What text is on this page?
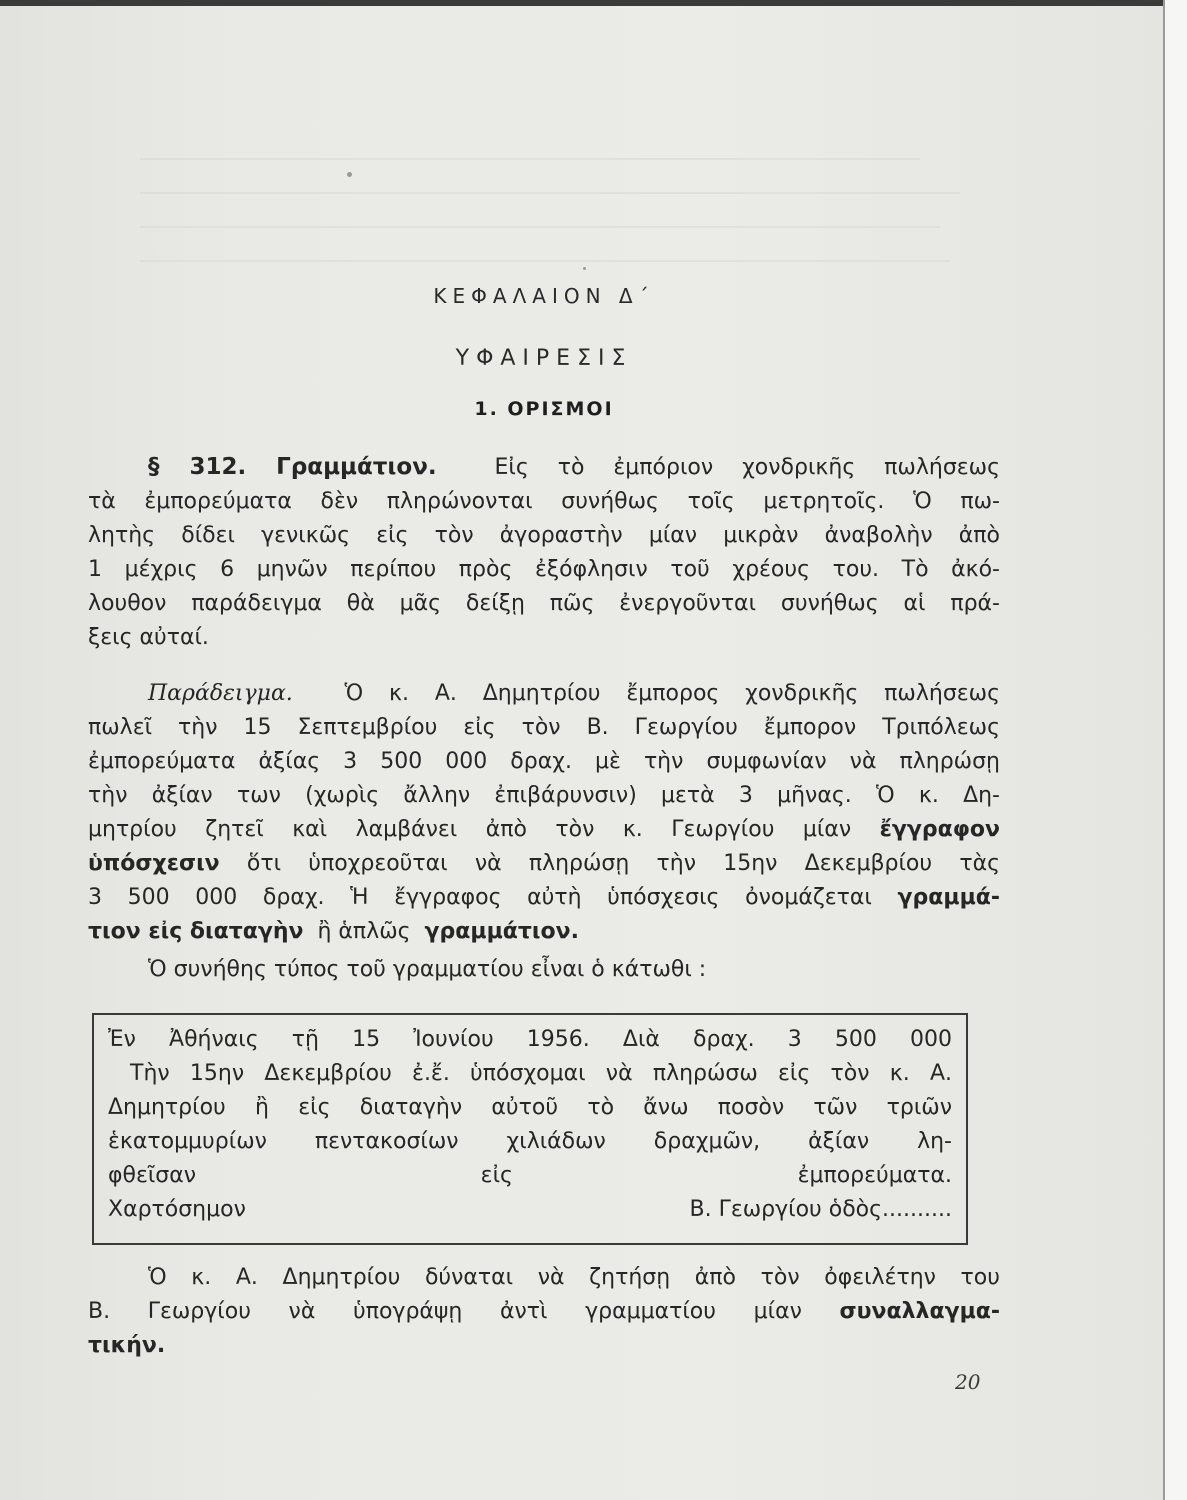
ΚΕΦΑΛΑΙΟΝ Δ΄
ΥΦΑΙΡΕΣΙΣ
1. ΟΡΙΣΜΟΙ
§ 312. Γραμμάτιον.	Εἰς τὸ ἐμπόριον χονδρικῆς πωλήσεως
τὰ ἐμπορεύματα δὲν πληρώνονται συνήθως τοῖς μετρητοῖς. Ὁ πω-
λητὴς δίδει γενικῶς εἰς τὸν ἀγοραστὴν μίαν μικρὰν ἀναβολὴν ἀπὸ
1 μέχρις 6 μηνῶν περίπου πρὸς ἐξόφλησιν τοῦ χρέους του. Τὸ ἀκό-
λουθον παράδειγμα θὰ μᾶς δείξῃ πῶς ἐνεργοῦνται συνήθως αἱ πρά-
ξεις αὐταί.
Παράδειγμα. Ὁ κ. Α. Δημητρίου ἔμπορος χονδρικῆς πωλήσεως
πωλεῖ τὴν 15 Σεπτεμβρίου εἰς τὸν Β. Γεωργίου ἔμπορον Τριπόλεως
ἐμπορεύματα ἀξίας 3 500 000 δραχ. μὲ τὴν συμφωνίαν νὰ πληρώσῃ
τὴν ἀξίαν των (χωρὶς ἄλλην ἐπιβάρυνσιν) μετὰ 3 μῆνας. Ὁ κ. Δη-
μητρίου ζητεῖ καὶ λαμβάνει ἀπὸ τὸν κ. Γεωργίου μίαν ἔγγραφον
ὑπόσχεσιν ὅτι ὑποχρεοῦται νὰ πληρώσῃ τὴν 15ην Δεκεμβρίου τὰς
3 500 000 δραχ. Ἡ ἔγγραφος αὐτὴ ὑπόσχεσις ὀνομάζεται γραμμά-
τιον εἰς διαταγὴν ἢ ἁπλῶς γραμμάτιον.
Ὁ συνήθης τύπος τοῦ γραμματίου εἶναι ὁ κάτωθι :
Ἐν Ἀθήναις τῇ 15 Ἰουνίου 1956. Διὰ δραχ. 3 500 000
Τὴν 15ην Δεκεμβρίου ἐ.ἔ. ὑπόσχομαι νὰ πληρώσω εἰς τὸν κ. Α.
Δημητρίου ἢ εἰς διαταγὴν αὐτοῦ τὸ ἄνω ποσὸν τῶν τριῶν
ἑκατομμυρίων πεντακοσίων χιλιάδων δραχμῶν, ἀξίαν λη-
φθεῖσαν εἰς ἐμπορεύματα.
Χαρτόσημον	Β. Γεωργίου ὁδὸς..........
Ὁ κ. Α. Δημητρίου δύναται νὰ ζητήσῃ ἀπὸ τὸν ὀφειλέτην του
Β. Γεωργίου νὰ ὑπογράψῃ ἀντὶ γραμματίου μίαν συναλλαγμα-
τικήν.
20
